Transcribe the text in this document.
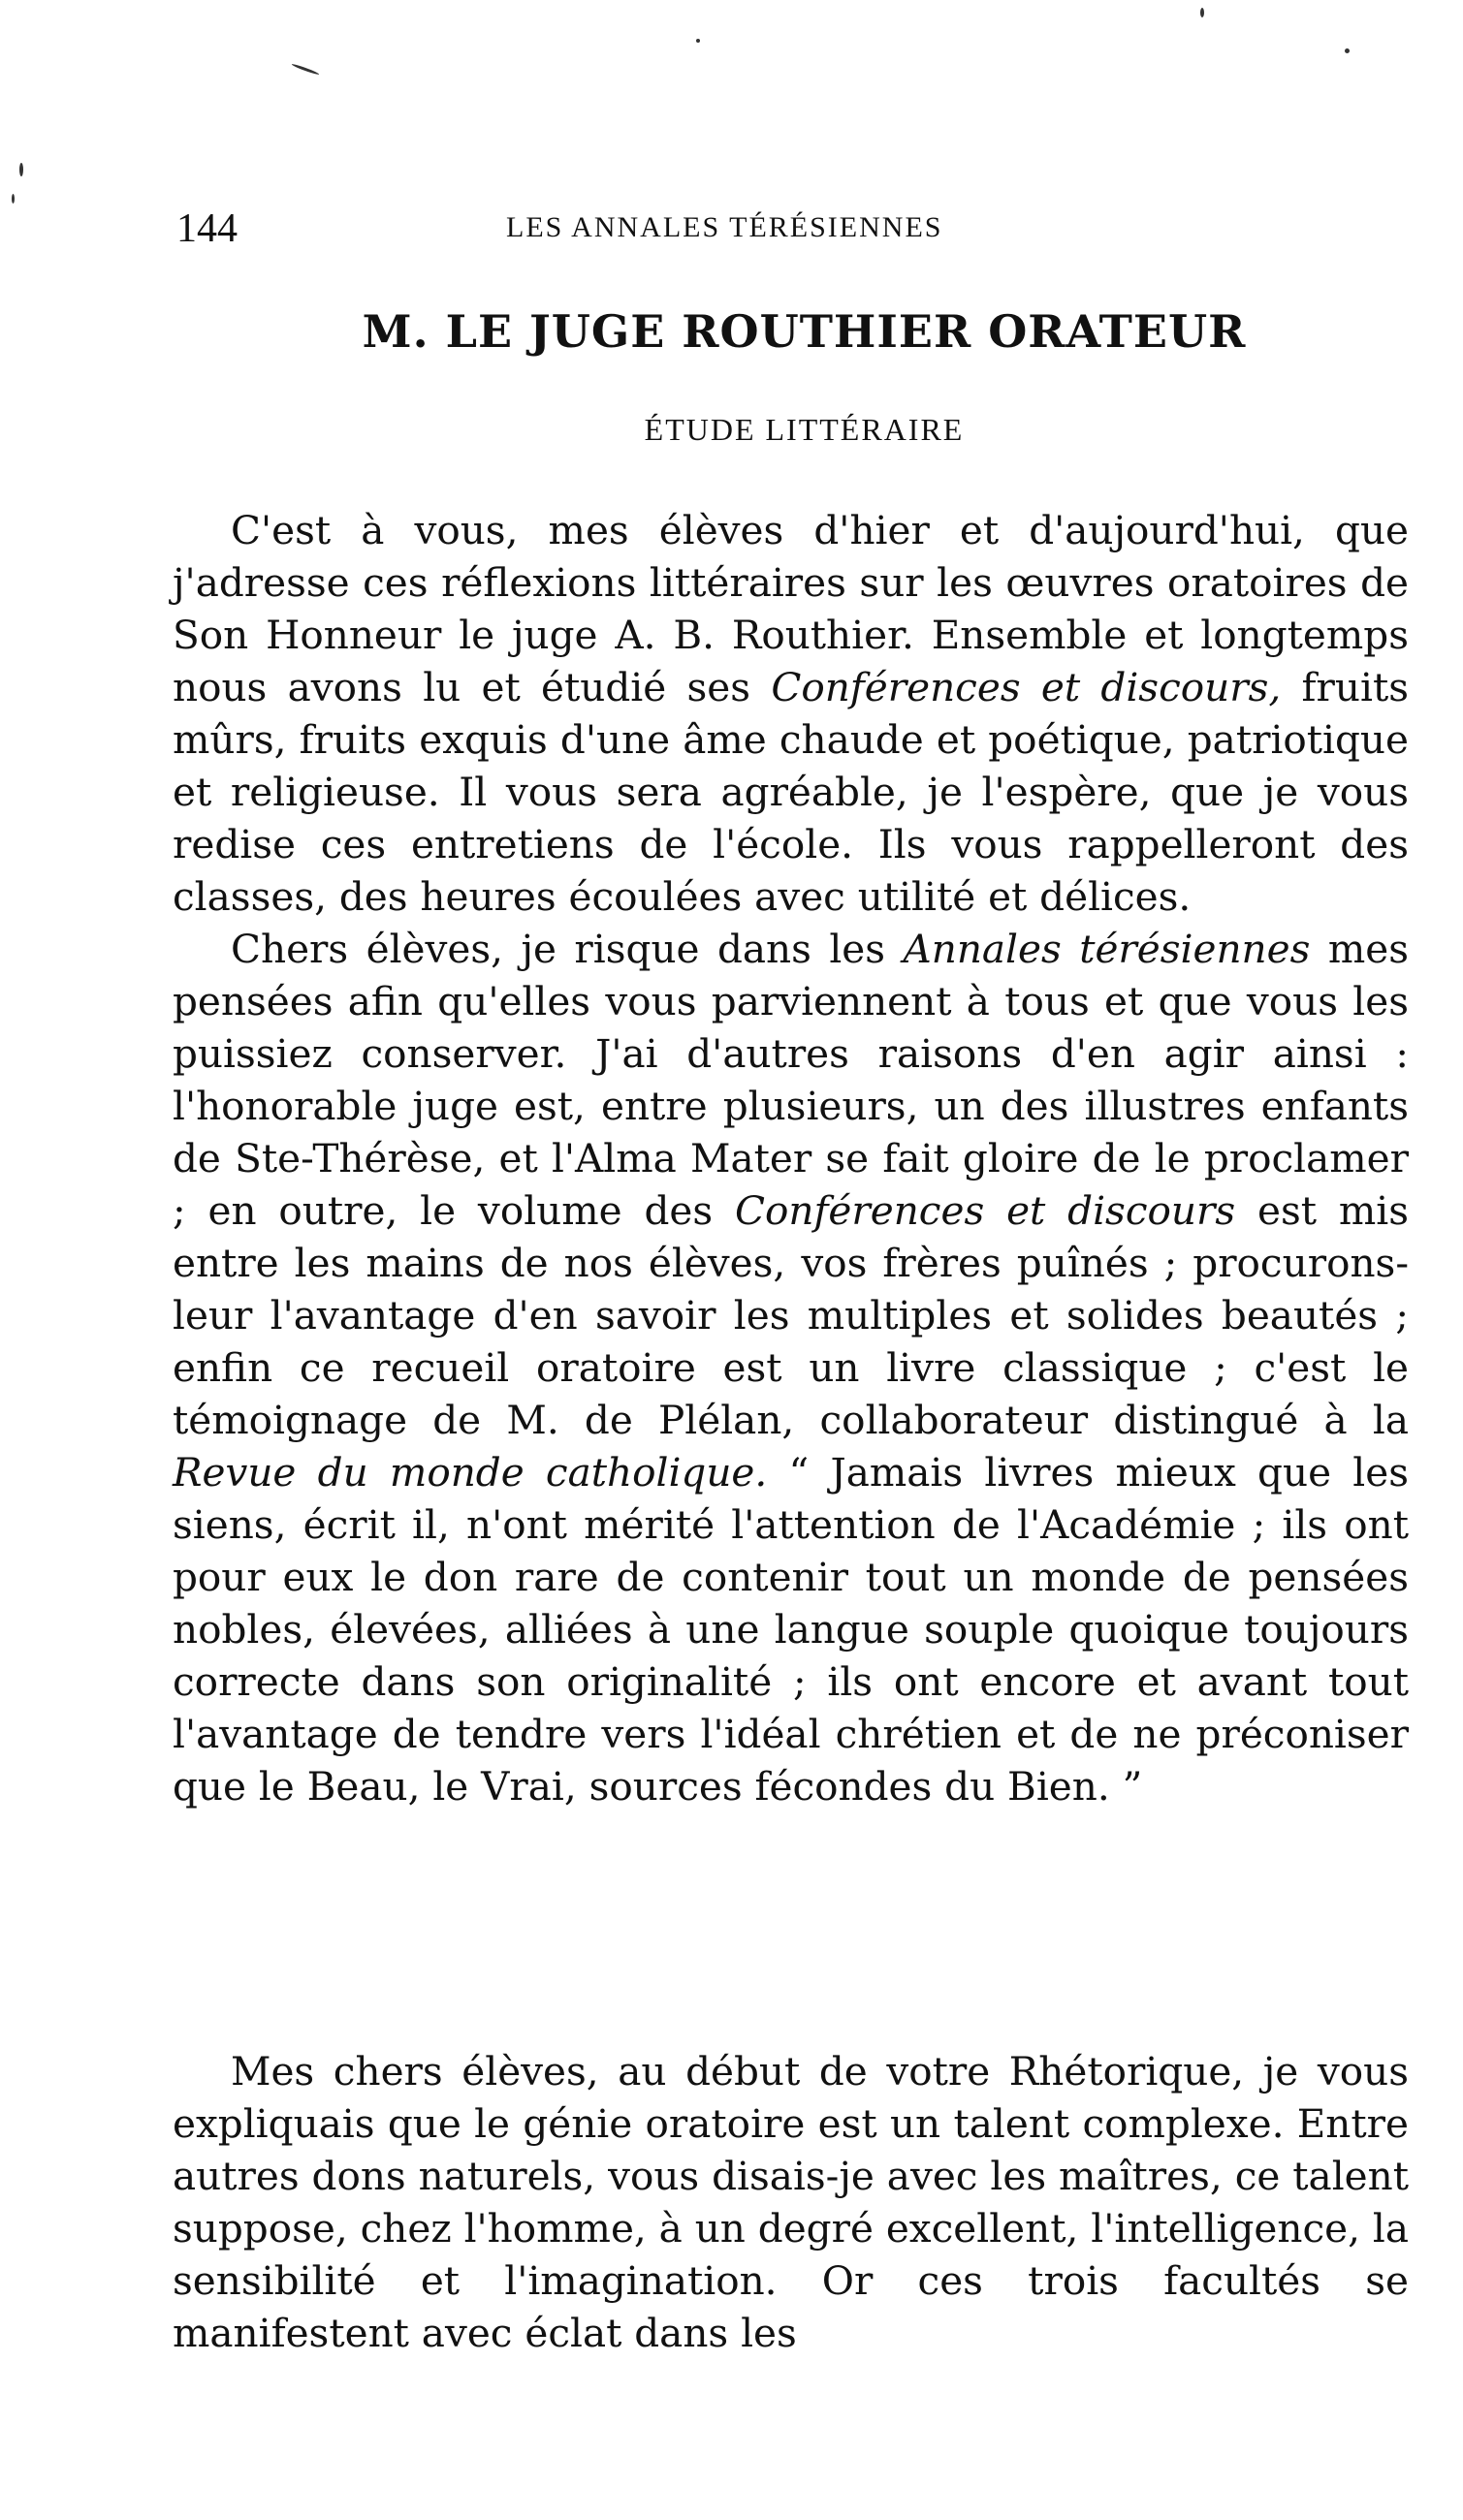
144	LES ANNALES TÉRÉSIENNES
M. LE JUGE ROUTHIER ORATEUR
ÉTUDE LITTÉRAIRE

C'est à vous, mes élèves d'hier et d'aujourd'hui, que j'adresse ces réflexions littéraires sur les œuvres oratoires de Son Honneur le juge A. B. Routhier. Ensemble et longtemps nous avons lu et étudié ses Conférences et discours, fruits mûrs, fruits exquis d'une âme chaude et poétique, patriotique et religieuse. Il vous sera agréable, je l'espère, que je vous redise ces entretiens de l'école. Ils vous rappelleront des classes, des heures écoulées avec utilité et délices.

Chers élèves, je risque dans les Annales térésiennes mes pensées afin qu'elles vous parviennent à tous et que vous les puissiez conserver. J'ai d'autres raisons d'en agir ainsi : l'honorable juge est, entre plusieurs, un des illustres enfants de Ste-Thérèse, et l'Alma Mater se fait gloire de le proclamer ; en outre, le volume des Conférences et discours est mis entre les mains de nos élèves, vos frères puînés ; procurons-leur l'avantage d'en savoir les multiples et solides beautés ; enfin ce recueil oratoire est un livre classique ; c'est le témoignage de M. de Plélan, collaborateur distingué à la Revue du monde catholique. “ Jamais livres mieux que les siens, écrit il, n'ont mérité l'attention de l'Académie ; ils ont pour eux le don rare de contenir tout un monde de pensées nobles, élevées, alliées à une langue souple quoique toujours correcte dans son originalité ; ils ont encore et avant tout l'avantage de tendre vers l'idéal chrétien et de ne préconiser que le Beau, le Vrai, sources fécondes du Bien. ”

Mes chers élèves, au début de votre Rhétorique, je vous expliquais que le génie oratoire est un talent complexe. Entre autres dons naturels, vous disais-je avec les maîtres, ce talent suppose, chez l'homme, à un degré excellent, l'intelligence, la sensibilité et l'imagination. Or ces trois facultés se manifestent avec éclat dans les
